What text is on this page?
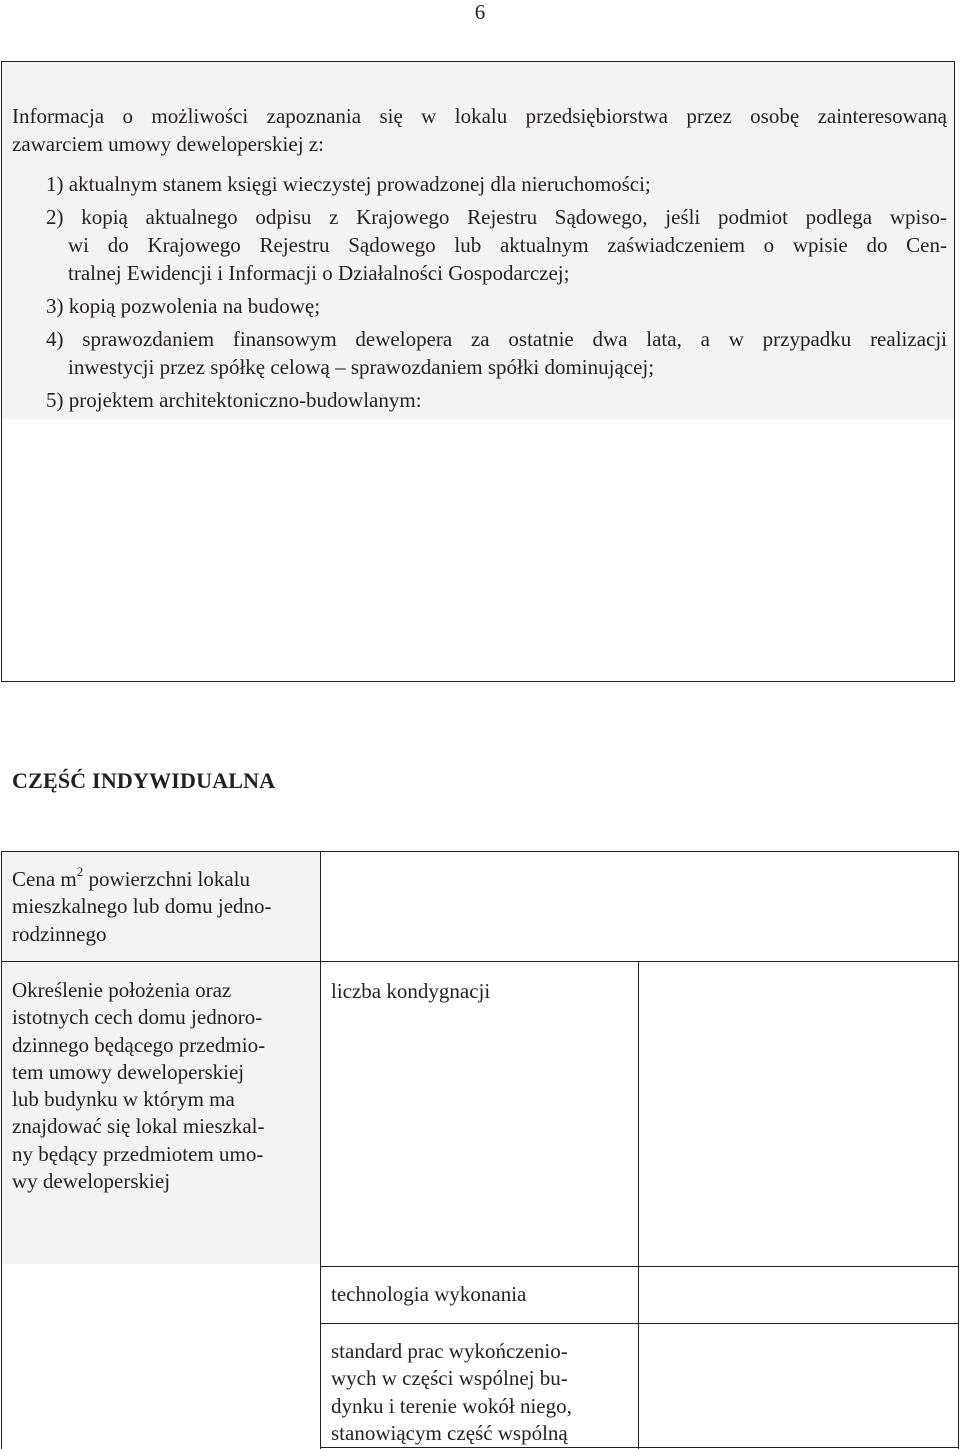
6

Informacja o możliwości zapoznania się w lokalu przedsiębiorstwa przez osobę zainteresowaną
zawarciem umowy deweloperskiej z:

1) aktualnym stanem księgi wieczystej prowadzonej dla nieruchomości;
2) kopią aktualnego odpisu z Krajowego Rejestru Sądowego, jeśli podmiot podlega wpiso-
wi do Krajowego Rejestru Sądowego lub aktualnym zaświadczeniem o wpisie do Cen-
tralnej Ewidencji i Informacji o Działalności Gospodarczej;
3) kopią pozwolenia na budowę;
4) sprawozdaniem finansowym dewelopera za ostatnie dwa lata, a w przypadku realizacji
inwestycji przez spółkę celową – sprawozdaniem spółki dominującej;
5) projektem architektoniczno-budowlanym:
CZĘŚĆ INDYWIDUALNA
Cena $m^2$ powierzchni lokalu
mieszkalnego lub domu jedno-
rodzinnego
Określenie położenia oraz
istotnych cech domu jednoro-
dzinnego będącego przedmio-
tem umowy deweloperskiej
lub budynku w którym ma
znajdować się lokal mieszkal-
ny będący przedmiotem umo-
wy deweloperskiej
liczba kondygnacji
technologia wykonania
standard prac wykończenio-
wych w części wspólnej bu-
dynku i terenie wokół niego,
stanowiącym część wspólną
